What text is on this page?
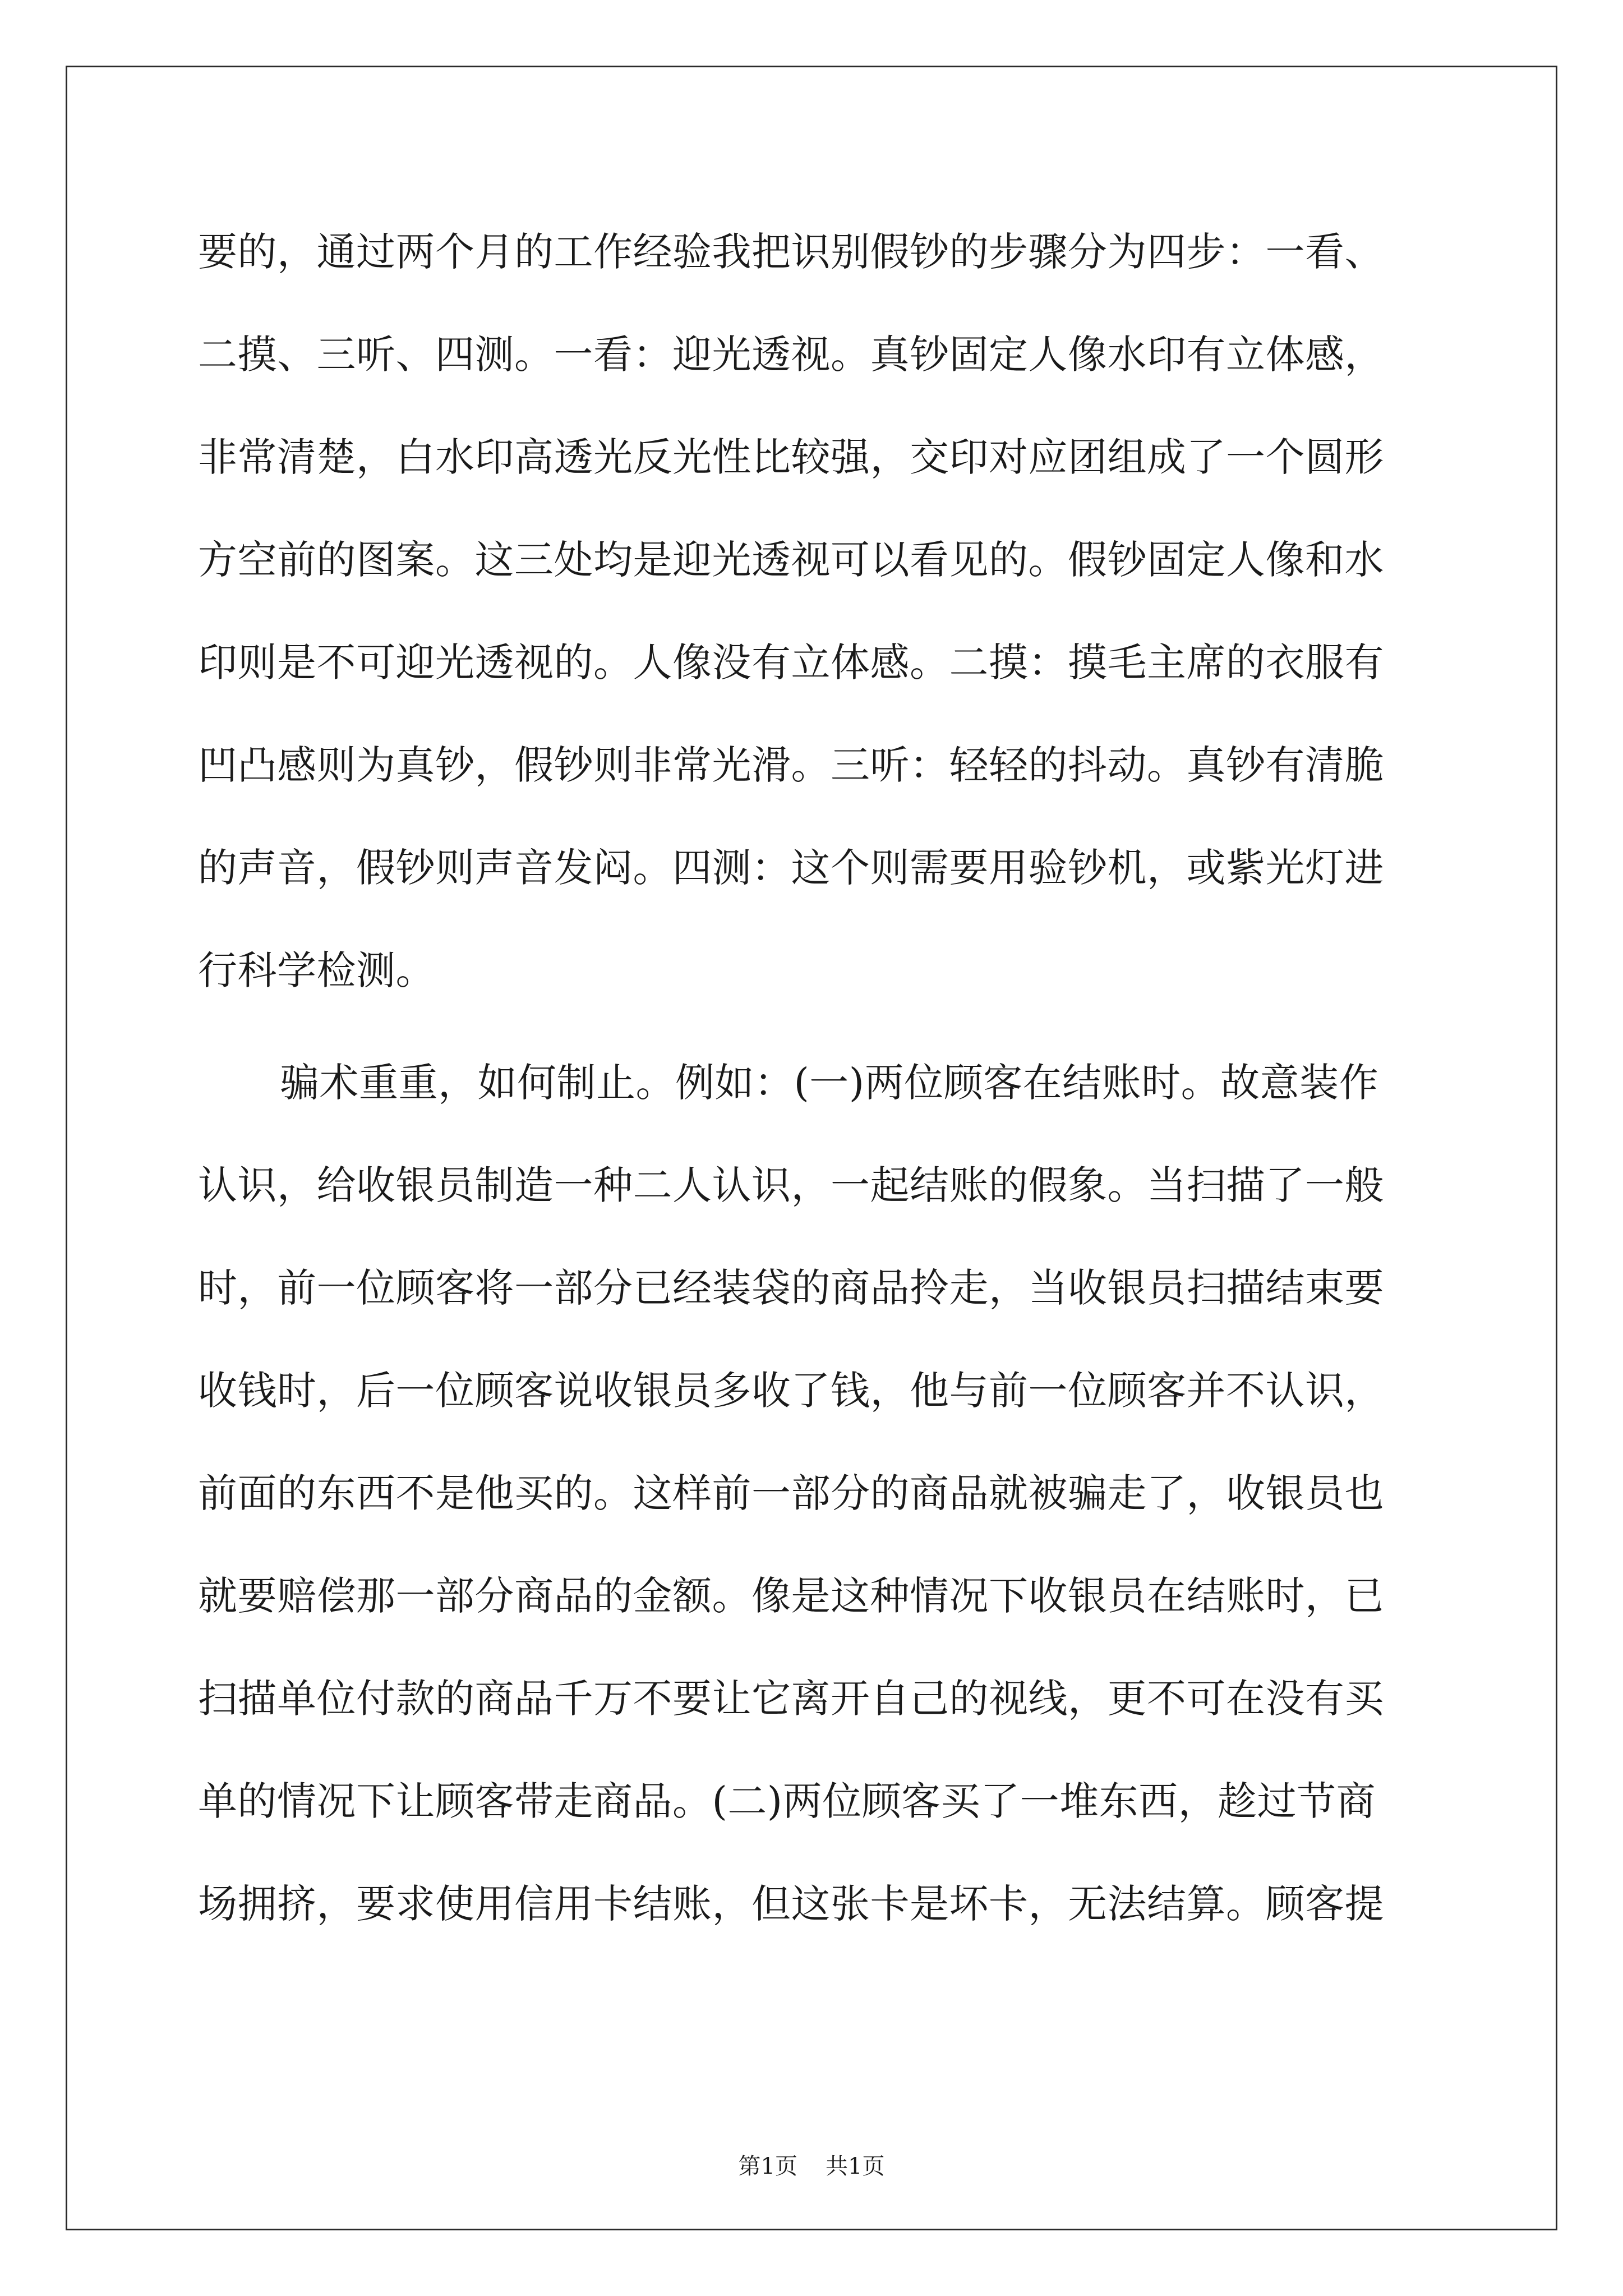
要的，通过两个月的工作经验我把识别假钞的步骤分为四步：一看、
二摸、三听、四测。一看：迎光透视。真钞固定人像水印有立体感，
非常清楚，白水印高透光反光性比较强，交印对应团组成了一个圆形
方空前的图案。这三处均是迎光透视可以看见的。假钞固定人像和水
印则是不可迎光透视的。人像没有立体感。二摸：摸毛主席的衣服有
凹凸感则为真钞，假钞则非常光滑。三听：轻轻的抖动。真钞有清脆
的声音，假钞则声音发闷。四测：这个则需要用验钞机，或紫光灯进
行科学检测。
骗术重重，如何制止。例如：(一)两位顾客在结账时。故意装作
认识，给收银员制造一种二人认识，一起结账的假象。当扫描了一般
时，前一位顾客将一部分已经装袋的商品拎走，当收银员扫描结束要
收钱时，后一位顾客说收银员多收了钱，他与前一位顾客并不认识，
前面的东西不是他买的。这样前一部分的商品就被骗走了，收银员也
就要赔偿那一部分商品的金额。像是这种情况下收银员在结账时，已
扫描单位付款的商品千万不要让它离开自己的视线，更不可在没有买
单的情况下让顾客带走商品。(二)两位顾客买了一堆东西，趁过节商
场拥挤，要求使用信用卡结账，但这张卡是坏卡，无法结算。顾客提
第1页 共1页
